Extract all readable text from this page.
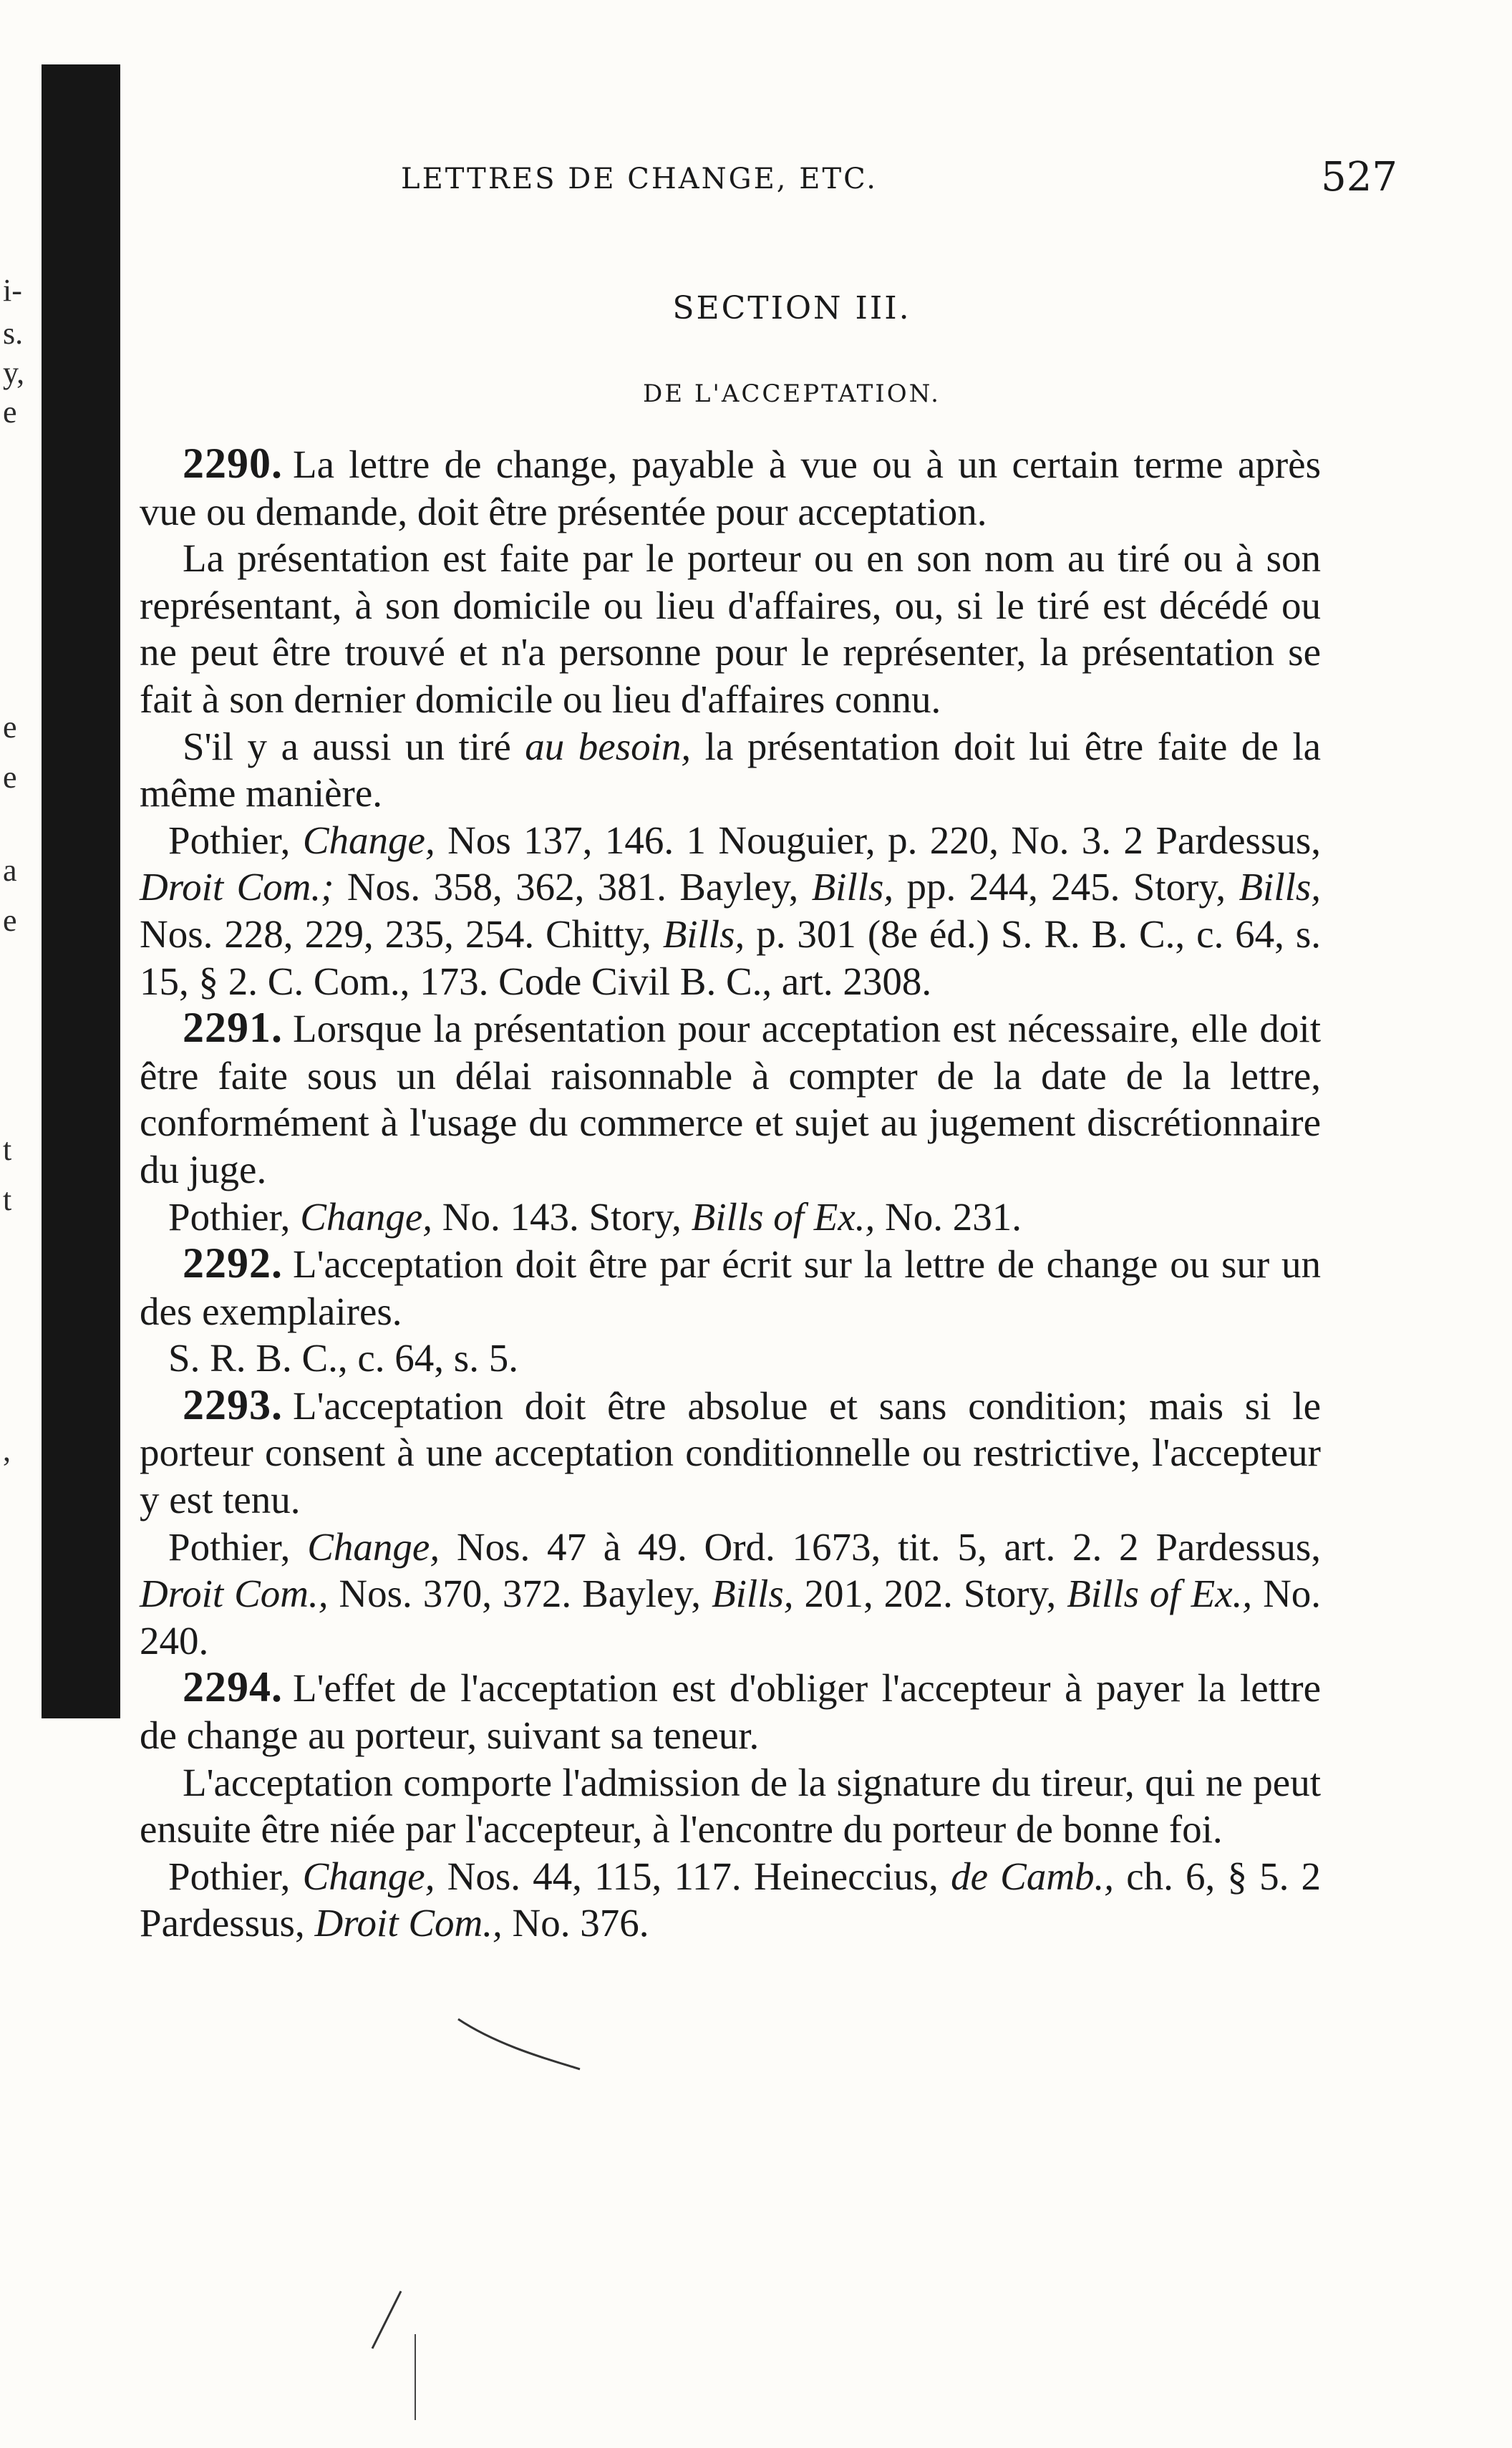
i-
s.
y,
e
e
e
a
e
t
t
,
LETTRES DE CHANGE, ETC.	527
SECTION III.
DE L'ACCEPTATION.

2290. La lettre de change, payable à vue ou à un certain terme après vue ou demande, doit être présentée pour acceptation.

La présentation est faite par le porteur ou en son nom au tiré ou à son représentant, à son domicile ou lieu d'affaires, ou, si le tiré est décédé ou ne peut être trouvé et n'a personne pour le représenter, la présentation se fait à son dernier domicile ou lieu d'affaires connu.

S'il y a aussi un tiré au besoin, la présentation doit lui être faite de la même manière.

Pothier, Change, Nos 137, 146. 1 Nouguier, p. 220, No. 3. 2 Pardessus, Droit Com.; Nos. 358, 362, 381. Bayley, Bills, pp. 244, 245. Story, Bills, Nos. 228, 229, 235, 254. Chitty, Bills, p. 301 (8e éd.) S. R. B. C., c. 64, s. 15, § 2. C. Com., 173. Code Civil B. C., art. 2308.

2291. Lorsque la présentation pour acceptation est nécessaire, elle doit être faite sous un délai raisonnable à compter de la date de la lettre, conformément à l'usage du commerce et sujet au jugement discrétionnaire du juge.

Pothier, Change, No. 143. Story, Bills of Ex., No. 231.

2292. L'acceptation doit être par écrit sur la lettre de change ou sur un des exemplaires.

S. R. B. C., c. 64, s. 5.

2293. L'acceptation doit être absolue et sans condition; mais si le porteur consent à une acceptation conditionnelle ou restrictive, l'accepteur y est tenu.

Pothier, Change, Nos. 47 à 49. Ord. 1673, tit. 5, art. 2. 2 Pardessus, Droit Com., Nos. 370, 372. Bayley, Bills, 201, 202. Story, Bills of Ex., No. 240.

2294. L'effet de l'acceptation est d'obliger l'accepteur à payer la lettre de change au porteur, suivant sa teneur.

L'acceptation comporte l'admission de la signature du tireur, qui ne peut ensuite être niée par l'accepteur, à l'encontre du porteur de bonne foi.

Pothier, Change, Nos. 44, 115, 117. Heineccius, de Camb., ch. 6, § 5. 2 Pardessus, Droit Com., No. 376.
